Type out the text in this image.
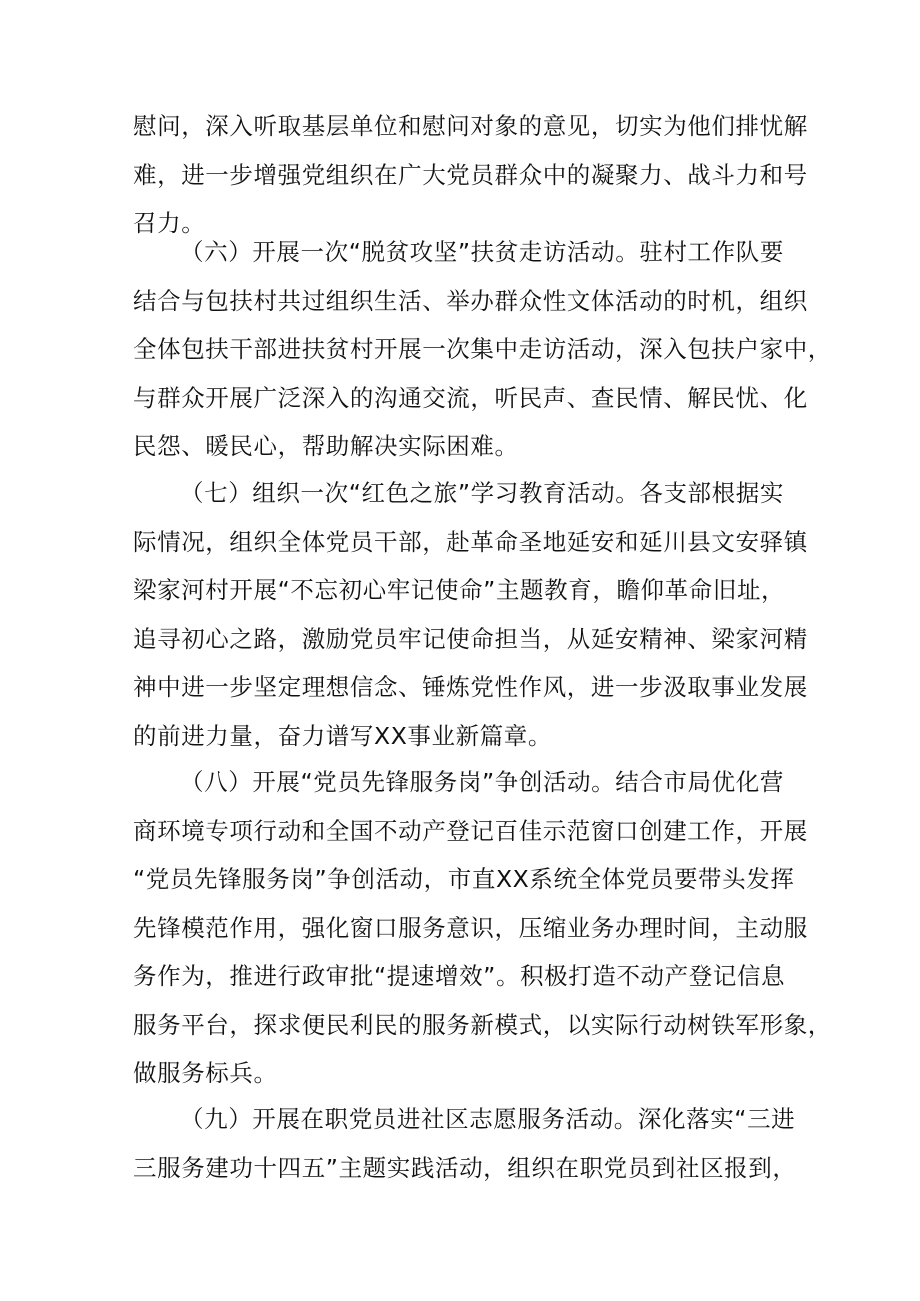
慰问，深入听取基层单位和慰问对象的意见，切实为他们排忧解
难，进一步增强党组织在广大党员群众中的凝聚力、战斗力和号
召力。
（六）开展一次“脱贫攻坚”扶贫走访活动。驻村工作队要
结合与包扶村共过组织生活、举办群众性文体活动的时机，组织
全体包扶干部进扶贫村开展一次集中走访活动，深入包扶户家中，
与群众开展广泛深入的沟通交流，听民声、查民情、解民忧、化
民怨、暖民心，帮助解决实际困难。
（七）组织一次“红色之旅”学习教育活动。各支部根据实
际情况，组织全体党员干部，赴革命圣地延安和延川县文安驿镇
梁家河村开展“不忘初心牢记使命”主题教育，瞻仰革命旧址，
追寻初心之路，激励党员牢记使命担当，从延安精神、梁家河精
神中进一步坚定理想信念、锤炼党性作风，进一步汲取事业发展
的前进力量，奋力谱写XX事业新篇章。
（八）开展“党员先锋服务岗”争创活动。结合市局优化营
商环境专项行动和全国不动产登记百佳示范窗口创建工作，开展
“党员先锋服务岗”争创活动，市直XX系统全体党员要带头发挥
先锋模范作用，强化窗口服务意识，压缩业务办理时间，主动服
务作为，推进行政审批“提速增效”。积极打造不动产登记信息
服务平台，探求便民利民的服务新模式，以实际行动树铁军形象，
做服务标兵。
（九）开展在职党员进社区志愿服务活动。深化落实“三进
三服务建功十四五”主题实践活动，组织在职党员到社区报到，
